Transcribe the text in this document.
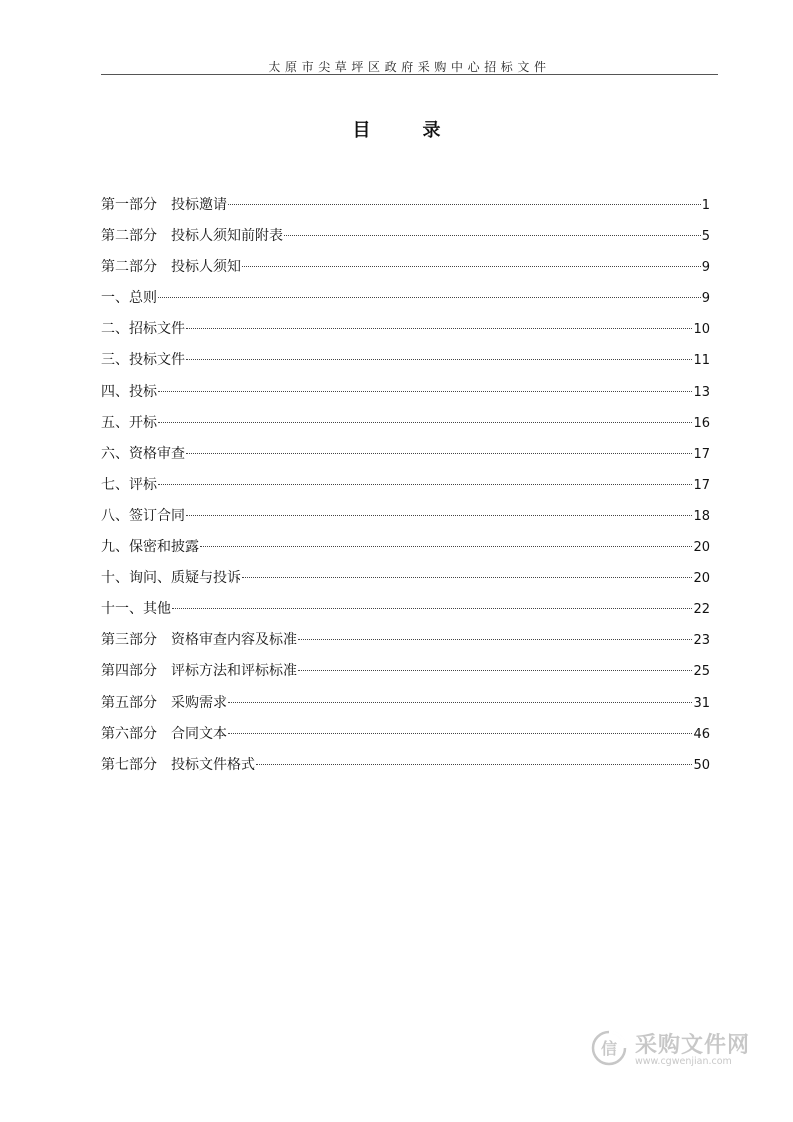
太原市尖草坪区政府采购中心招标文件
目	录
第一部分　投标邀请	1
第二部分　投标人须知前附表	5
第二部分　投标人须知	9
一、总则	9
二、招标文件	10
三、投标文件	11
四、投标	13
五、开标	16
六、资格审查	17
七、评标	17
八、签订合同	18
九、保密和披露	20
十、询问、质疑与投诉	20
十一、其他	22
第三部分　资格审查内容及标准	23
第四部分　评标方法和评标标准	25
第五部分　采购需求	31
第六部分　合同文本	46
第七部分　投标文件格式	50
信 采购文件网
www.cgwenjian.com
